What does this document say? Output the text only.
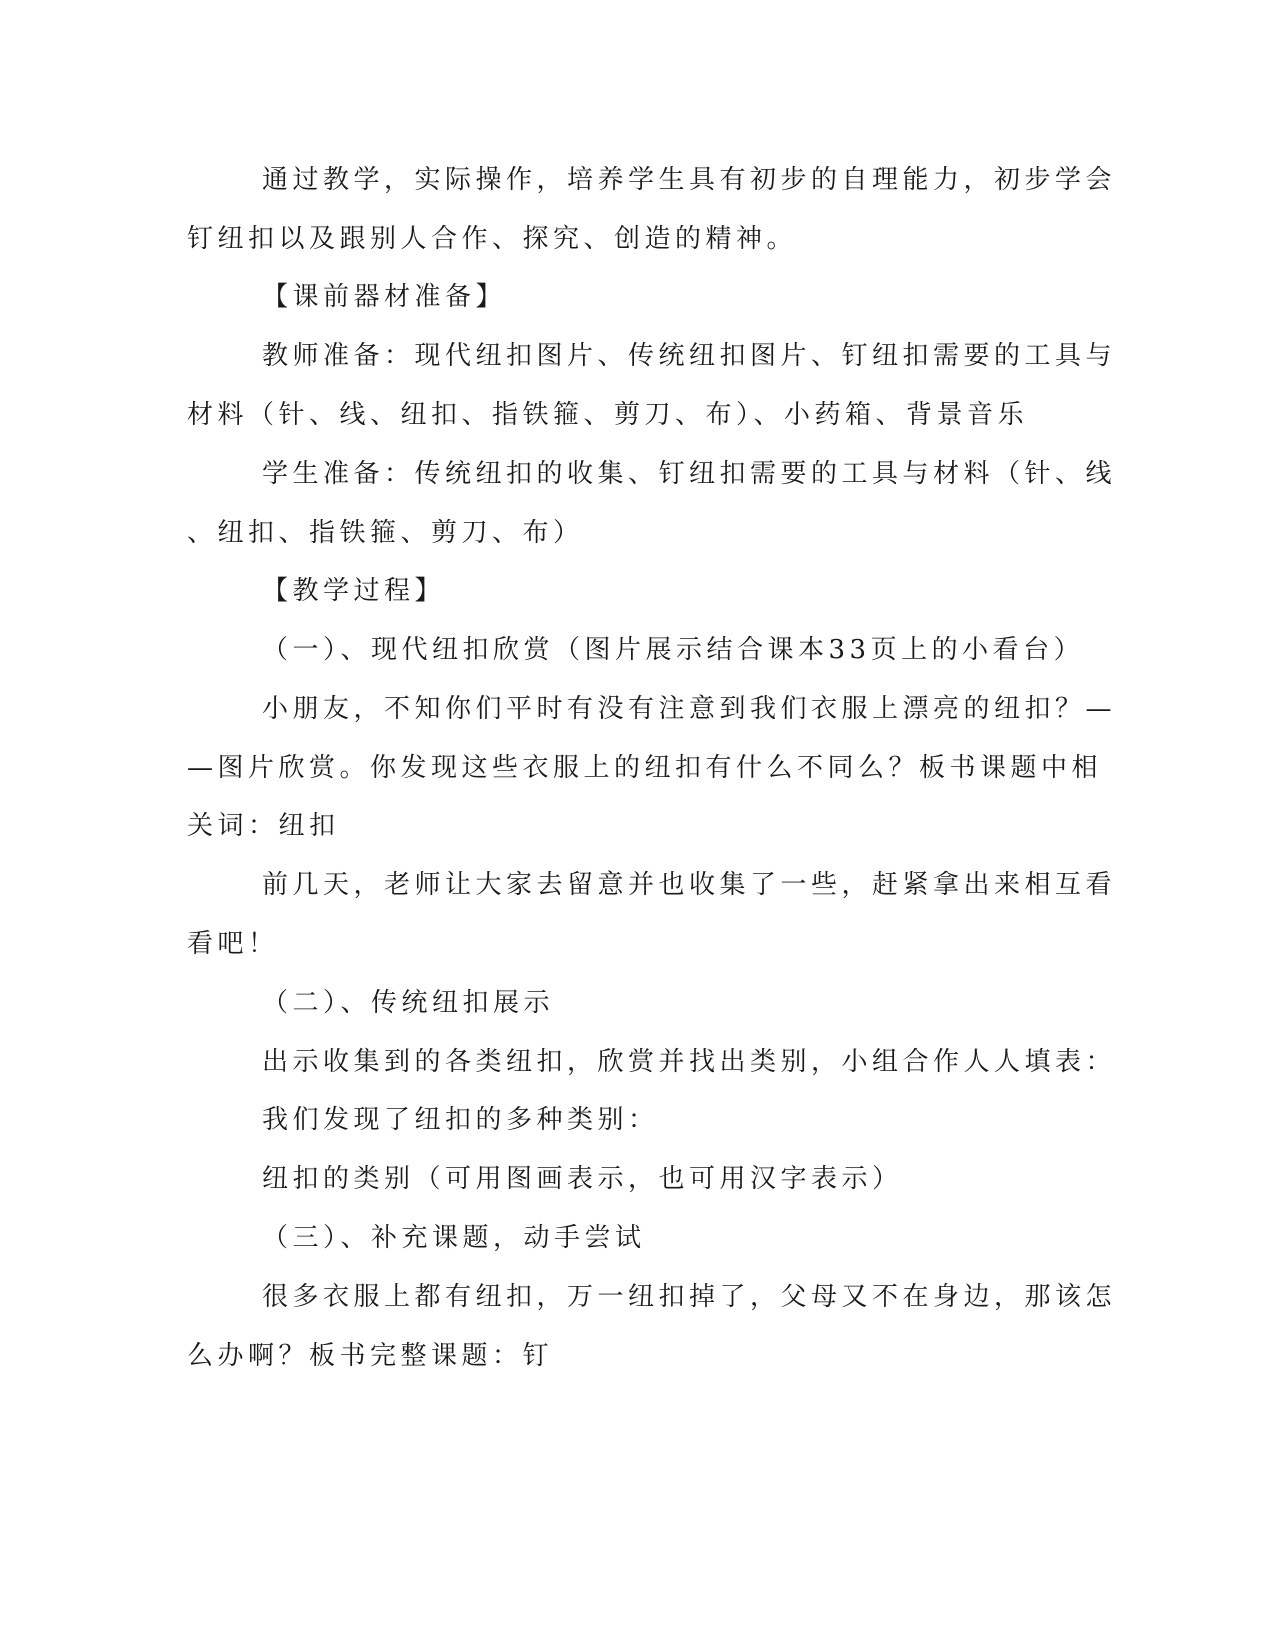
通过教学，实际操作，培养学生具有初步的自理能力，初步学会
钉纽扣以及跟别人合作、探究、创造的精神。
【课前器材准备】
教师准备：现代纽扣图片、传统纽扣图片、钉纽扣需要的工具与
材料（针、线、纽扣、指铁箍、剪刀、布）、小药箱、背景音乐
学生准备：传统纽扣的收集、钉纽扣需要的工具与材料（针、线
、纽扣、指铁箍、剪刀、布）
【教学过程】
（一）、现代纽扣欣赏（图片展示结合课本33页上的小看台）
小朋友，不知你们平时有没有注意到我们衣服上漂亮的纽扣？—
—图片欣赏。你发现这些衣服上的纽扣有什么不同么？板书课题中相
关词：纽扣
前几天，老师让大家去留意并也收集了一些，赶紧拿出来相互看
看吧！
（二）、传统纽扣展示
出示收集到的各类纽扣，欣赏并找出类别，小组合作人人填表：
我们发现了纽扣的多种类别：
纽扣的类别（可用图画表示，也可用汉字表示）
（三）、补充课题，动手尝试
很多衣服上都有纽扣，万一纽扣掉了，父母又不在身边，那该怎
么办啊？板书完整课题：钉
